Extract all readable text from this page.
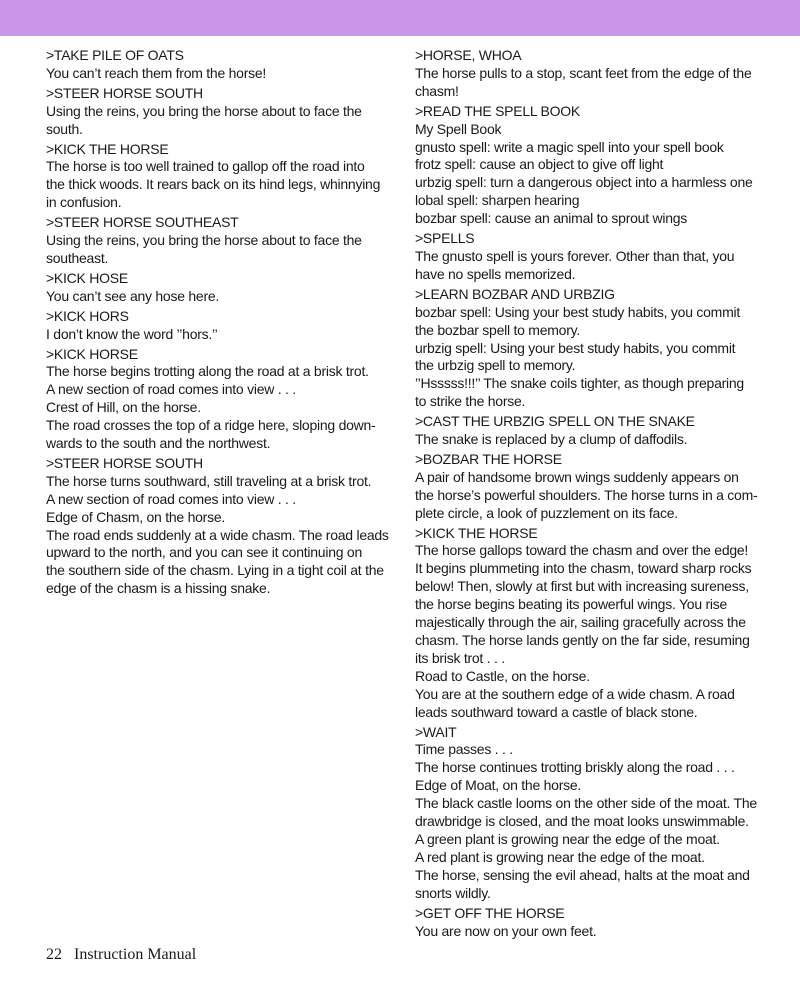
>TAKE PILE OF OATS
You can’t reach them from the horse!
>STEER HORSE SOUTH
Using the reins, you bring the horse about to face the
south.
>KICK THE HORSE
The horse is too well trained to gallop off the road into
the thick woods. It rears back on its hind legs, whinnying
in confusion.
>STEER HORSE SOUTHEAST
Using the reins, you bring the horse about to face the
southeast.
>KICK HOSE
You can’t see any hose here.
>KICK HORS
I don’t know the word ’’hors.’’
>KICK HORSE
The horse begins trotting along the road at a brisk trot.
A new section of road comes into view . . .
Crest of Hill, on the horse.
The road crosses the top of a ridge here, sloping down-
wards to the south and the northwest.
>STEER HORSE SOUTH
The horse turns southward, still traveling at a brisk trot.
A new section of road comes into view . . .
Edge of Chasm, on the horse.
The road ends suddenly at a wide chasm. The road leads
upward to the north, and you can see it continuing on
the southern side of the chasm. Lying in a tight coil at the
edge of the chasm is a hissing snake.
>HORSE, WHOA
The horse pulls to a stop, scant feet from the edge of the
chasm!
>READ THE SPELL BOOK
My Spell Book
gnusto spell: write a magic spell into your spell book
frotz spell: cause an object to give off light
urbzig spell: turn a dangerous object into a harmless one
lobal spell: sharpen hearing
bozbar spell: cause an animal to sprout wings
>SPELLS
The gnusto spell is yours forever. Other than that, you
have no spells memorized.
>LEARN BOZBAR AND URBZIG
bozbar spell: Using your best study habits, you commit
the bozbar spell to memory.
urbzig spell: Using your best study habits, you commit
the urbzig spell to memory.
’’Hsssss!!!’’ The snake coils tighter, as though preparing
to strike the horse.
>CAST THE URBZIG SPELL ON THE SNAKE
The snake is replaced by a clump of daffodils.
>BOZBAR THE HORSE
A pair of handsome brown wings suddenly appears on
the horse’s powerful shoulders. The horse turns in a com-
plete circle, a look of puzzlement on its face.
>KICK THE HORSE
The horse gallops toward the chasm and over the edge!
It begins plummeting into the chasm, toward sharp rocks
below! Then, slowly at first but with increasing sureness,
the horse begins beating its powerful wings. You rise
majestically through the air, sailing gracefully across the
chasm. The horse lands gently on the far side, resuming
its brisk trot . . .
Road to Castle, on the horse.
You are at the southern edge of a wide chasm. A road
leads southward toward a castle of black stone.
>WAIT
Time passes . . .
The horse continues trotting briskly along the road . . .
Edge of Moat, on the horse.
The black castle looms on the other side of the moat. The
drawbridge is closed, and the moat looks unswimmable.
A green plant is growing near the edge of the moat.
A red plant is growing near the edge of the moat.
The horse, sensing the evil ahead, halts at the moat and
snorts wildly.
>GET OFF THE HORSE
You are now on your own feet.
22 Instruction Manual
